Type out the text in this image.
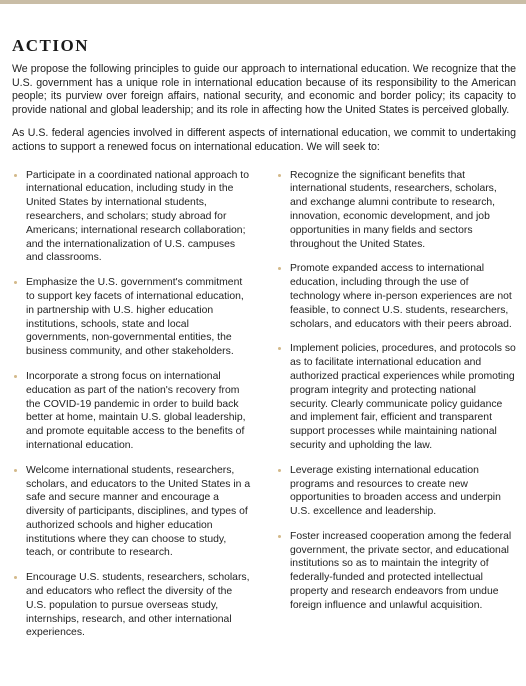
ACTION

We propose the following principles to guide our approach to international education. We recognize that the U.S. government has a unique role in international education because of its responsibility to the American people; its purview over foreign affairs, national security, and economic and border policy; its capacity to provide national and global leadership; and its role in affecting how the United States is perceived globally.

As U.S. federal agencies involved in different aspects of international education, we commit to undertaking actions to support a renewed focus on international education. We will seek to:

Participate in a coordinated national approach to international education, including study in the United States by international students, researchers, and scholars; study abroad for Americans; international research collaboration; and the internationalization of U.S. campuses and classrooms.
Emphasize the U.S. government's commitment to support key facets of international education, in partnership with U.S. higher education institutions, schools, state and local governments, non-governmental entities, the business community, and other stakeholders.
Incorporate a strong focus on international education as part of the nation's recovery from the COVID-19 pandemic in order to build back better at home, maintain U.S. global leadership, and promote equitable access to the benefits of international education.
Welcome international students, researchers, scholars, and educators to the United States in a safe and secure manner and encourage a diversity of participants, disciplines, and types of authorized schools and higher education institutions where they can choose to study, teach, or contribute to research.
Encourage U.S. students, researchers, scholars, and educators who reflect the diversity of the U.S. population to pursue overseas study, internships, research, and other international experiences.
Recognize the significant benefits that international students, researchers, scholars, and exchange alumni contribute to research, innovation, economic development, and job opportunities in many fields and sectors throughout the United States.
Promote expanded access to international education, including through the use of technology where in-person experiences are not feasible, to connect U.S. students, researchers, scholars, and educators with their peers abroad.
Implement policies, procedures, and protocols so as to facilitate international education and authorized practical experiences while promoting program integrity and protecting national security. Clearly communicate policy guidance and implement fair, efficient and transparent support processes while maintaining national security and upholding the law.
Leverage existing international education programs and resources to create new opportunities to broaden access and underpin U.S. excellence and leadership.
Foster increased cooperation among the federal government, the private sector, and educational institutions so as to maintain the integrity of federally-funded and protected intellectual property and research endeavors from undue foreign influence and unlawful acquisition.
